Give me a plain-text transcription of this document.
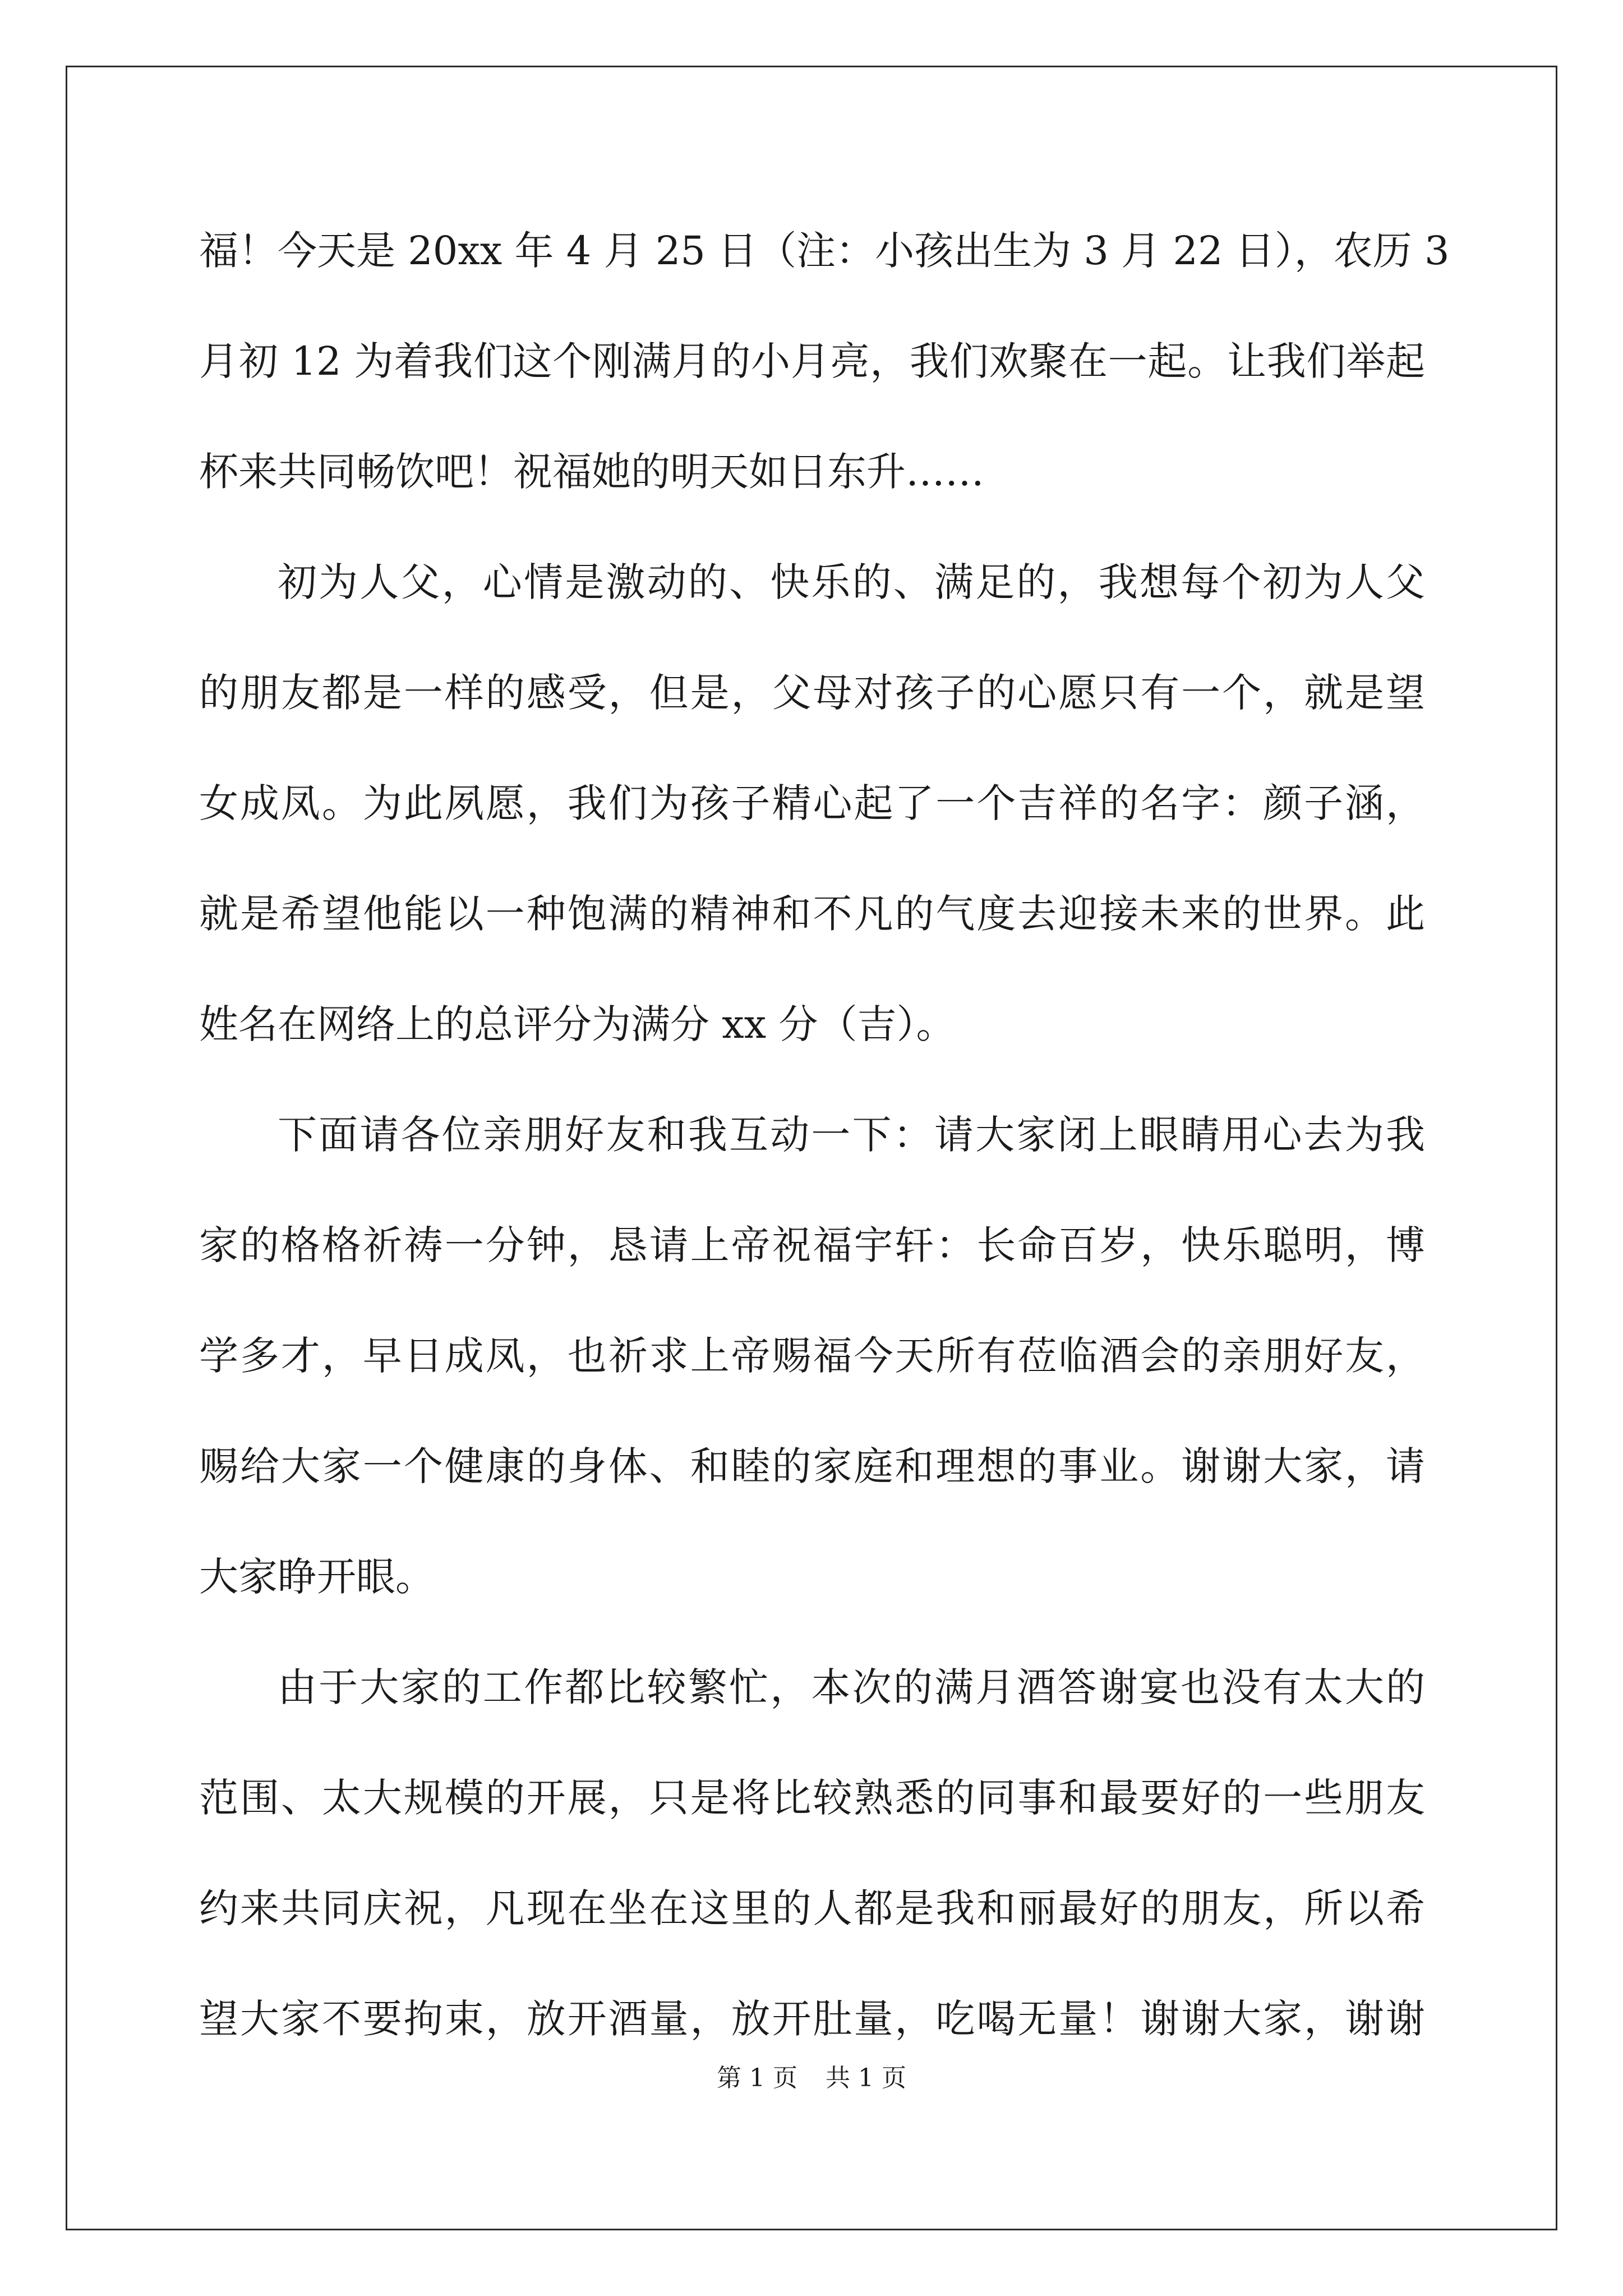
福！今天是 20xx 年 4 月 25 日（注：小孩出生为 3 月 22 日），农历 3
月初 12 为着我们这个刚满月的小月亮，我们欢聚在一起。让我们举起
杯来共同畅饮吧！祝福她的明天如日东升……
初为人父，心情是激动的、快乐的、满足的，我想每个初为人父
的朋友都是一样的感受，但是，父母对孩子的心愿只有一个，就是望
女成凤。为此夙愿，我们为孩子精心起了一个吉祥的名字：颜子涵，
就是希望他能以一种饱满的精神和不凡的气度去迎接未来的世界。此
姓名在网络上的总评分为满分 xx 分（吉）。
下面请各位亲朋好友和我互动一下：请大家闭上眼睛用心去为我
家的格格祈祷一分钟，恳请上帝祝福宇轩：长命百岁，快乐聪明，博
学多才，早日成凤，也祈求上帝赐福今天所有莅临酒会的亲朋好友，
赐给大家一个健康的身体、和睦的家庭和理想的事业。谢谢大家，请
大家睁开眼。
由于大家的工作都比较繁忙，本次的满月酒答谢宴也没有太大的
范围、太大规模的开展，只是将比较熟悉的同事和最要好的一些朋友
约来共同庆祝，凡现在坐在这里的人都是我和丽最好的朋友，所以希
望大家不要拘束，放开酒量，放开肚量，吃喝无量！谢谢大家，谢谢
第 1 页 共 1 页
